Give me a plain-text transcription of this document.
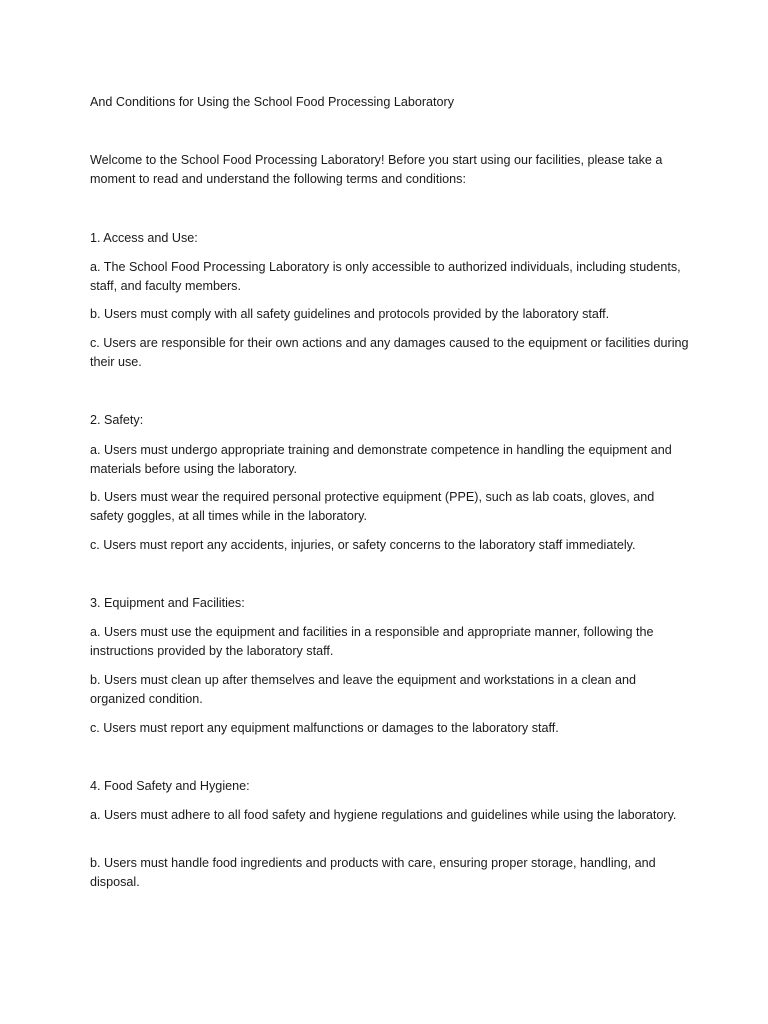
And Conditions for Using the School Food Processing Laboratory

Welcome to the School Food Processing Laboratory! Before you start using our facilities, please take a moment to read and understand the following terms and conditions:

1. Access and Use:

a. The School Food Processing Laboratory is only accessible to authorized individuals, including students, staff, and faculty members.

b. Users must comply with all safety guidelines and protocols provided by the laboratory staff.

c. Users are responsible for their own actions and any damages caused to the equipment or facilities during their use.

2. Safety:

a. Users must undergo appropriate training and demonstrate competence in handling the equipment and materials before using the laboratory.

b. Users must wear the required personal protective equipment (PPE), such as lab coats, gloves, and safety goggles, at all times while in the laboratory.

c. Users must report any accidents, injuries, or safety concerns to the laboratory staff immediately.

3. Equipment and Facilities:

a. Users must use the equipment and facilities in a responsible and appropriate manner, following the instructions provided by the laboratory staff.

b. Users must clean up after themselves and leave the equipment and workstations in a clean and organized condition.

c. Users must report any equipment malfunctions or damages to the laboratory staff.

4. Food Safety and Hygiene:

a. Users must adhere to all food safety and hygiene regulations and guidelines while using the laboratory.

b. Users must handle food ingredients and products with care, ensuring proper storage, handling, and disposal.
